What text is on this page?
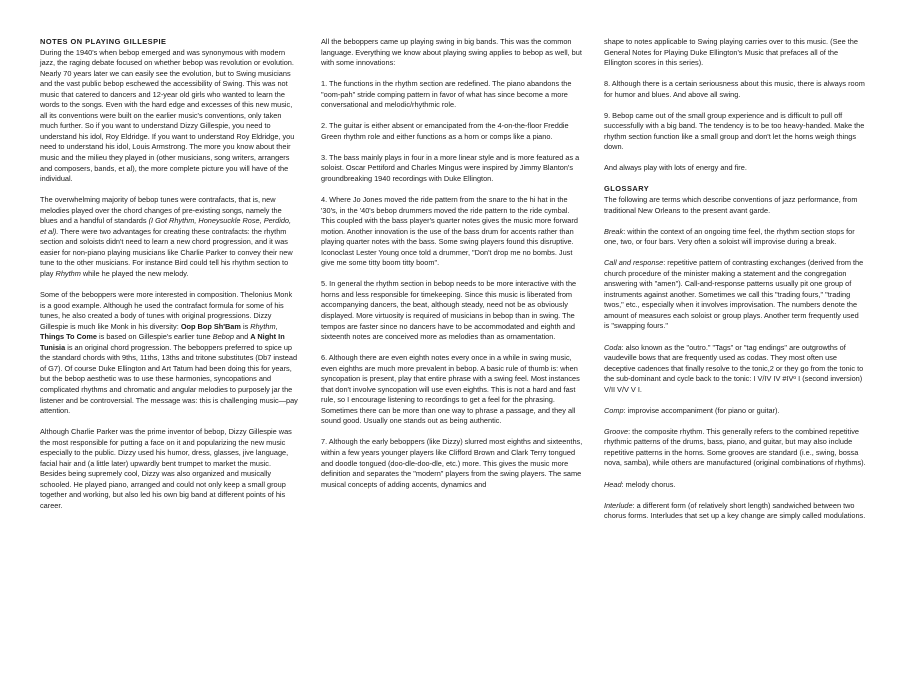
NOTES ON PLAYING GILLESPIE

During the 1940's when bebop emerged and was synonymous with modern jazz, the raging debate focused on whether bebop was revolution or evolution. Nearly 70 years later we can easily see the evolution, but to Swing musicians and the vast public bebop eschewed the accessibility of Swing. This was not music that catered to dancers and 12-year old girls who wanted to learn the words to the songs. Even with the hard edge and excesses of this new music, all its conventions were built on the earlier music's conventions, only taken much further. So if you want to understand Dizzy Gillespie, you need to understand his idol, Roy Eldridge. If you want to understand Roy Eldridge, you need to understand his idol, Louis Armstrong. The more you know about their music and the milieu they played in (other musicians, song writers, arrangers and composers, bands, et al), the more complete picture you will have of the individual.

The overwhelming majority of bebop tunes were contrafacts, that is, new melodies played over the chord changes of pre-existing songs, namely the blues and a handful of standards (I Got Rhythm, Honeysuckle Rose, Perdido, et al). There were two advantages for creating these contrafacts: the rhythm section and soloists didn't need to learn a new chord progression, and it was easier for non-piano playing musicians like Charlie Parker to convey their new tune to the other musicians. For instance Bird could tell his rhythm section to play Rhythm while he played the new melody.

Some of the beboppers were more interested in composition. Thelonius Monk is a good example. Although he used the contrafact formula for some of his tunes, he also created a body of tunes with original progressions. Dizzy Gillespie is much like Monk in his diversity: Oop Bop Sh'Bam is Rhythm, Things To Come is based on Gillespie's earlier tune Bebop and A Night In Tunisia is an original chord progression. The beboppers preferred to spice up the standard chords with 9ths, 11ths, 13ths and tritone substitutes (Db7 instead of G7). Of course Duke Ellington and Art Tatum had been doing this for years, but the bebop aesthetic was to use these harmonies, syncopations and complicated rhythms and chromatic and angular melodies to purposely jar the listener and be controversial. The message was: this is challenging music—pay attention.

Although Charlie Parker was the prime inventor of bebop, Dizzy Gillespie was the most responsible for putting a face on it and popularizing the new music especially to the public. Dizzy used his humor, dress, glasses, jive language, facial hair and (a little later) upwardly bent trumpet to market the music. Besides being supremely cool, Dizzy was also organized and musically schooled. He played piano, arranged and could not only keep a small group together and working, but also led his own big band at different points of his career.

All the beboppers came up playing swing in big bands. This was the common language. Everything we know about playing swing applies to bebop as well, but with some innovations:

1. The functions in the rhythm section are redefined. The piano abandons the "oom-pah" stride comping pattern in favor of what has since become a more conversational and melodic/rhythmic role.

2. The guitar is either absent or emancipated from the 4-on-the-floor Freddie Green rhythm role and either functions as a horn or comps like a piano.

3. The bass mainly plays in four in a more linear style and is more featured as a soloist. Oscar Pettiford and Charles Mingus were inspired by Jimmy Blanton's groundbreaking 1940 recordings with Duke Ellington.

4. Where Jo Jones moved the ride pattern from the snare to the hi hat in the '30's, in the '40's bebop drummers moved the ride pattern to the ride cymbal. This coupled with the bass player's quarter notes gives the music more forward motion. Another innovation is the use of the bass drum for accents rather than playing quarter notes with the bass. Some swing players found this disruptive. Iconoclast Lester Young once told a drummer, "Don't drop me no bombs. Just give me some titty boom titty boom".

5. In general the rhythm section in bebop needs to be more interactive with the horns and less responsible for timekeeping. Since this music is liberated from accompanying dancers, the beat, although steady, need not be as obviously displayed. More virtuosity is required of musicians in bebop than in swing. The tempos are faster since no dancers have to be accommodated and eighth and sixteenth notes are conceived more as melodies than as ornamentation.

6. Although there are even eighth notes every once in a while in swing music, even eighths are much more prevalent in bebop. A basic rule of thumb is: when syncopation is present, play that entire phrase with a swing feel. Most instances that don't involve syncopation will use even eighths. This is not a hard and fast rule, so I encourage listening to recordings to get a feel for the phrasing. Sometimes there can be more than one way to phrase a passage, and they all sound good. Usually one stands out as being authentic.

7. Although the early beboppers (like Dizzy) slurred most eighths and sixteenths, within a few years younger players like Clifford Brown and Clark Terry tongued and doodle tongued (doo-dle-doo-dle, etc.) more. This gives the music more definition and separates the "modern" players from the swing players. The same musical concepts of adding accents, dynamics and

shape to notes applicable to Swing playing carries over to this music. (See the General Notes for Playing Duke Ellington's Music that prefaces all of the Ellington scores in this series).

8. Although there is a certain seriousness about this music, there is always room for humor and blues. And above all swing.

9. Bebop came out of the small group experience and is difficult to pull off successfully with a big band. The tendency is to be too heavy-handed. Make the rhythm section function like a small group and don't let the horns weigh things down.

And always play with lots of energy and fire.

GLOSSARY

The following are terms which describe conventions of jazz performance, from traditional New Orleans to the present avant garde.

Break: within the context of an ongoing time feel, the rhythm section stops for one, two, or four bars. Very often a soloist will improvise during a break.

Call and response: repetitive pattern of contrasting exchanges (derived from the church procedure of the minister making a statement and the congregation answering with "amen"). Call-and-response patterns usually pit one group of instruments against another. Sometimes we call this "trading fours," "trading twos," etc., especially when it involves improvisation. The numbers denote the amount of measures each soloist or group plays. Another term frequently used is "swapping fours."

Coda: also known as the "outro." "Tags" or "tag endings" are outgrowths of vaudeville bows that are frequently used as codas. They most often use deceptive cadences that finally resolve to the tonic,2 or they go from the tonic to the sub-dominant and cycle back to the tonic: I V/IV IV #IVº I (second inversion) V/II V/V V I.

Comp: improvise accompaniment (for piano or guitar).

Groove: the composite rhythm. This generally refers to the combined repetitive rhythmic patterns of the drums, bass, piano, and guitar, but may also include repetitive patterns in the horns. Some grooves are standard (i.e., swing, bossa nova, samba), while others are manufactured (original combinations of rhythms).

Head: melody chorus.

Interlude: a different form (of relatively short length) sandwiched between two chorus forms. Interludes that set up a key change are simply called modulations.
